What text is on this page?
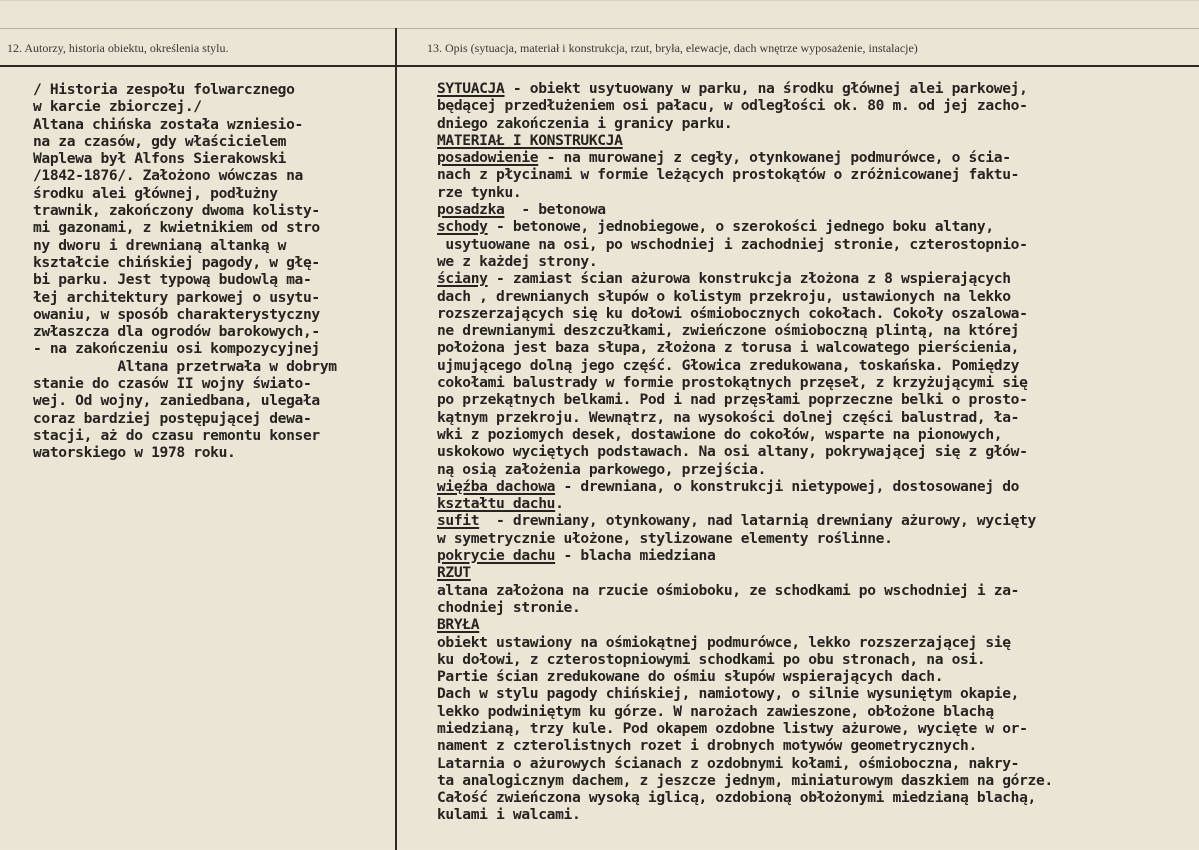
12. Autorzy, historia obiektu, określenia stylu.	13. Opis (sytuacja, materiał i konstrukcja, rzut, bryła, elewacje, dach wnętrze wyposażenie, instalacje)
/ Historia zespołu folwarcznego
w karcie zbiorczej./
Altana chińska została wzniesio-
na za czasów, gdy właścicielem
Waplewa był Alfons Sierakowski
/1842-1876/. Założono wówczas na
środku alei głównej, podłużny
trawnik, zakończony dwoma kolisty-
mi gazonami, z kwietnikiem od stro
ny dworu i drewnianą altanką w
kształcie chińskiej pagody, w głę-
bi parku. Jest typową budowlą ma-
łej architektury parkowej o usytu-
owaniu, w sposób charakterystyczny
zwłaszcza dla ogrodów barokowych,-
- na zakończeniu osi kompozycyjnej
Altana przetrwała w dobrym
stanie do czasów II wojny świato-
wej. Od wojny, zaniedbana, ulegała
coraz bardziej postępującej dewa-
stacji, aż do czasu remontu konser
watorskiego w 1978 roku.
SYTUACJA - obiekt usytuowany w parku, na środku głównej alei parkowej,
będącej przedłużeniem osi pałacu, w odległości ok. 80 m. od jej zacho-
dniego zakończenia i granicy parku.
MATERIAŁ I KONSTRUKCJA
posadowienie - na murowanej z cegły, otynkowanej podmurówce, o ścia-
nach z płycinami w formie leżących prostokątów o zróżnicowanej faktu-
rze tynku.
posadzka  - betonowa
schody - betonowe, jednobiegowe, o szerokości jednego boku altany,
usytuowane na osi, po wschodniej i zachodniej stronie, czterostopnio-
we z każdej strony.
ściany - zamiast ścian ażurowa konstrukcja złożona z 8 wspierających
dach , drewnianych słupów o kolistym przekroju, ustawionych na lekko
rozszerzających się ku dołowi ośmiobocznych cokołach. Cokoły oszalowa-
ne drewnianymi deszczułkami, zwieńczone ośmioboczną plintą, na której
położona jest baza słupa, złożona z torusa i walcowatego pierścienia,
ujmującego dolną jego część. Głowica zredukowana, toskańska. Pomiędzy
cokołami balustrady w formie prostokątnych przęseł, z krzyżującymi się
po przekątnych belkami. Pod i nad przęsłami poprzeczne belki o prosto-
kątnym przekroju. Wewnątrz, na wysokości dolnej części balustrad, ła-
wki z poziomych desek, dostawione do cokołów, wsparte na pionowych,
uskokowo wyciętych podstawach. Na osi altany, pokrywającej się z głów-
ną osią założenia parkowego, przejścia.
więźba dachowa - drewniana, o konstrukcji nietypowej, dostosowanej do
kształtu dachu.
sufit  - drewniany, otynkowany, nad latarnią drewniany ażurowy, wycięty
w symetrycznie ułożone, stylizowane elementy roślinne.
pokrycie dachu - blacha miedziana
RZUT
altana założona na rzucie ośmioboku, ze schodkami po wschodniej i za-
chodniej stronie.
BRYŁA
obiekt ustawiony na ośmiokątnej podmurówce, lekko rozszerzającej się
ku dołowi, z czterostopniowymi schodkami po obu stronach, na osi.
Partie ścian zredukowane do ośmiu słupów wspierających dach.
Dach w stylu pagody chińskiej, namiotowy, o silnie wysuniętym okapie,
lekko podwiniętym ku górze. W narożach zawieszone, obłożone blachą
miedzianą, trzy kule. Pod okapem ozdobne listwy ażurowe, wycięte w or-
nament z czterolistnych rozet i drobnych motywów geometrycznych.
Latarnia o ażurowych ścianach z ozdobnymi kołami, ośmioboczna, nakry-
ta analogicznym dachem, z jeszcze jednym, miniaturowym daszkiem na górze.
Całość zwieńczona wysoką iglicą, ozdobioną obłożonymi miedzianą blachą,
kulami i walcami.
